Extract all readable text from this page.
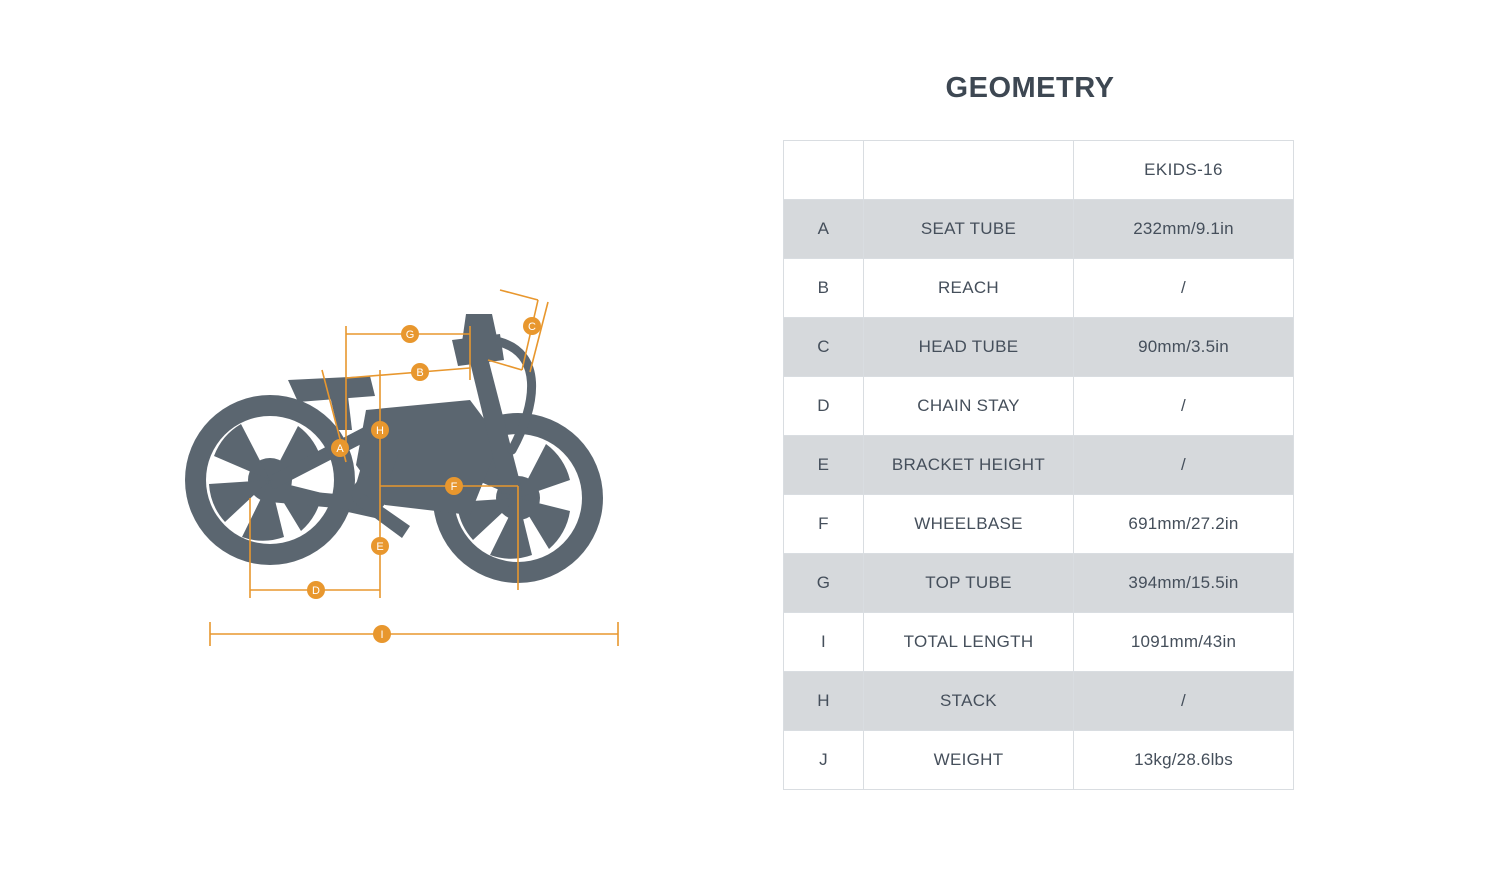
G
B
C
H
A
F
E
D
I
GEOMETRY
		EKIDS-16
A	SEAT TUBE	232mm/9.1in
B	REACH	/
C	HEAD TUBE	90mm/3.5in
D	CHAIN STAY	/
E	BRACKET HEIGHT	/
F	WHEELBASE	691mm/27.2in
G	TOP TUBE	394mm/15.5in
I	TOTAL LENGTH	1091mm/43in
H	STACK	/
J	WEIGHT	13kg/28.6lbs
